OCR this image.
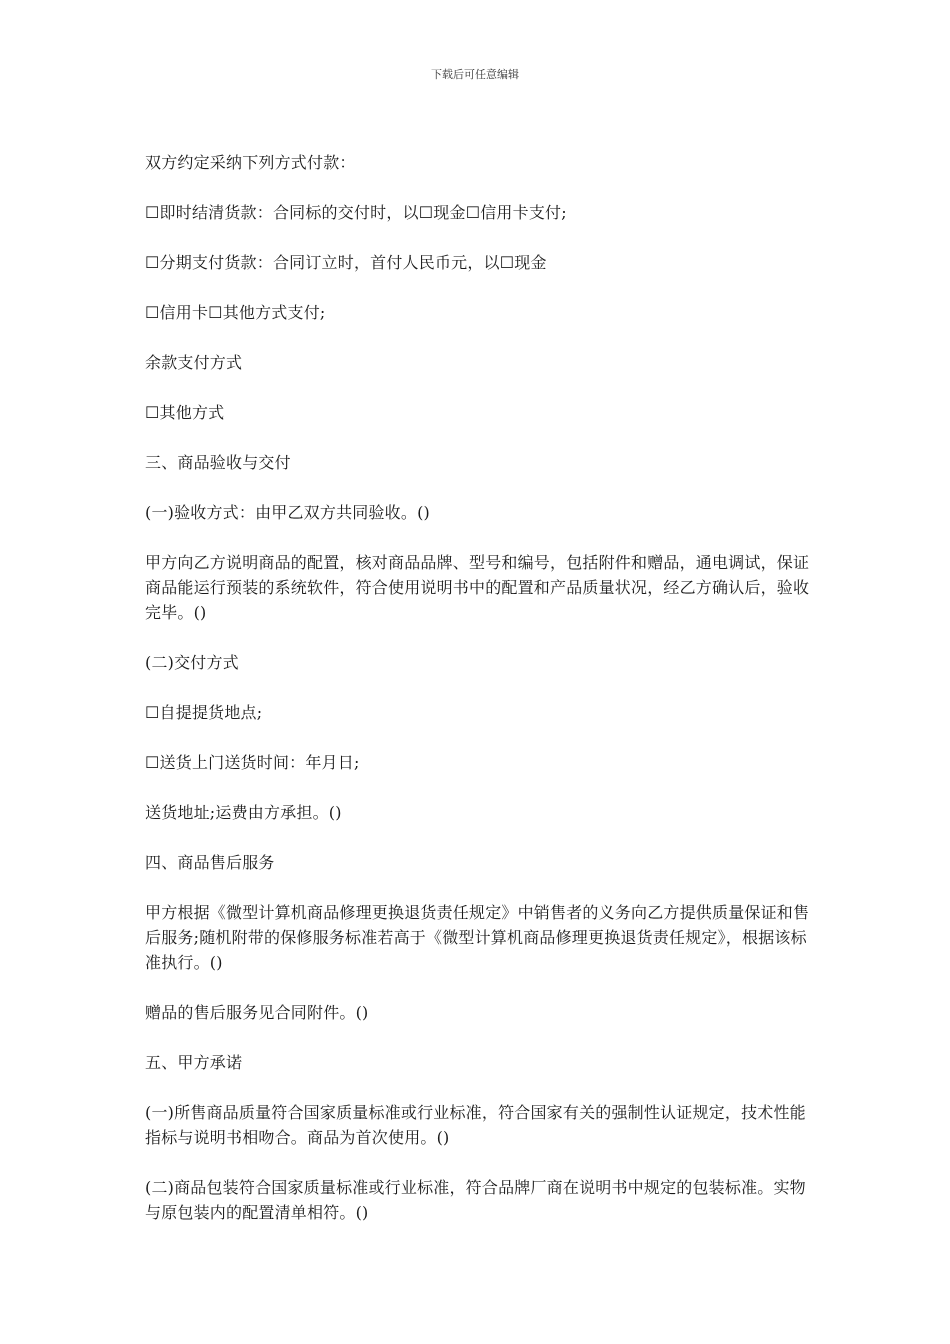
下载后可任意编辑

双方约定采纳下列方式付款：

☐即时结清货款：合同标的交付时，以☐现金☐信用卡支付;

☐分期支付货款：合同订立时，首付人民币元，以☐现金

☐信用卡☐其他方式支付;

余款支付方式

☐其他方式

三、商品验收与交付

(一)验收方式：由甲乙双方共同验收。()

甲方向乙方说明商品的配置，核对商品品牌、型号和编号，包括附件和赠品，通电调试，保证商品能运行预装的系统软件，符合使用说明书中的配置和产品质量状况，经乙方确认后，验收完毕。()

(二)交付方式

☐自提提货地点;

☐送货上门送货时间：年月日;

送货地址;运费由方承担。()

四、商品售后服务

甲方根据《微型计算机商品修理更换退货责任规定》中销售者的义务向乙方提供质量保证和售后服务;随机附带的保修服务标准若高于《微型计算机商品修理更换退货责任规定》，根据该标准执行。()

赠品的售后服务见合同附件。()

五、甲方承诺

(一)所售商品质量符合国家质量标准或行业标准，符合国家有关的强制性认证规定，技术性能指标与说明书相吻合。商品为首次使用。()

(二)商品包装符合国家质量标准或行业标准，符合品牌厂商在说明书中规定的包装标准。实物与原包装内的配置清单相符。()
